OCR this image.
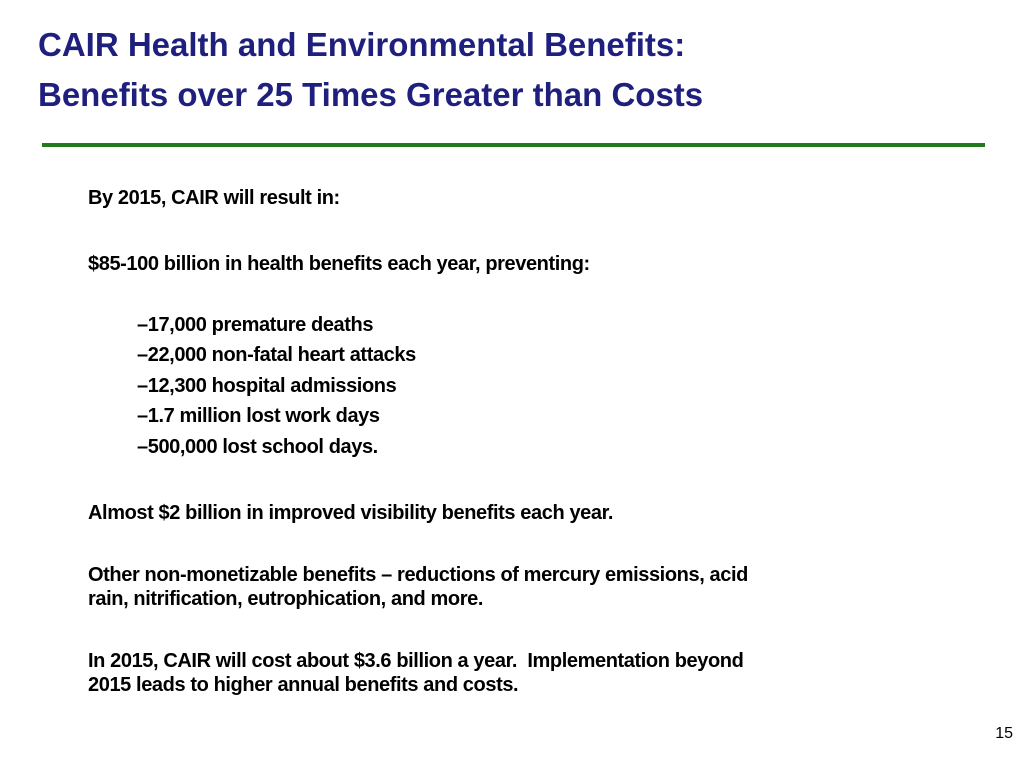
CAIR Health and Environmental Benefits:
Benefits over 25 Times Greater than Costs
By 2015, CAIR will result in:
$85-100 billion in health benefits each year, preventing:
–17,000 premature deaths
–22,000 non-fatal heart attacks
–12,300 hospital admissions
–1.7 million lost work days
–500,000 lost school days.
Almost $2 billion in improved visibility benefits each year.
Other non-monetizable benefits – reductions of mercury emissions, acid
rain, nitrification, eutrophication, and more.
In 2015, CAIR will cost about $3.6 billion a year.  Implementation beyond
2015 leads to higher annual benefits and costs.
15
